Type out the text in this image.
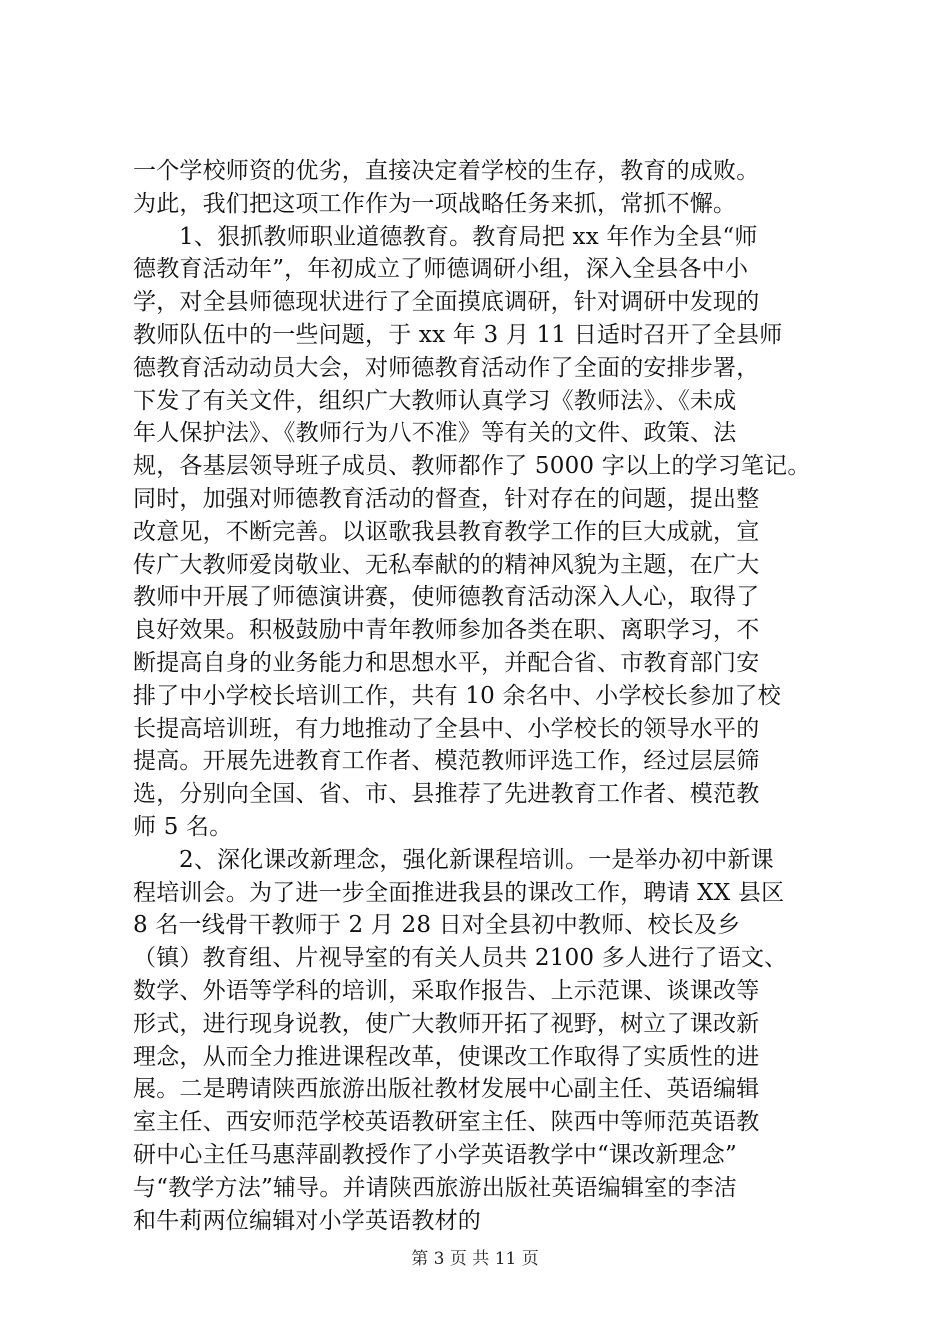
一个学校师资的优劣，直接决定着学校的生存，教育的成败。
为此，我们把这项工作作为一项战略任务来抓，常抓不懈。
1、狠抓教师职业道德教育。教育局把 xx 年作为全县“师
德教育活动年”，年初成立了师德调研小组，深入全县各中小
学，对全县师德现状进行了全面摸底调研，针对调研中发现的
教师队伍中的一些问题，于 xx 年 3 月 11 日适时召开了全县师
德教育活动动员大会，对师德教育活动作了全面的安排步署，
下发了有关文件，组织广大教师认真学习《教师法》、《未成
年人保护法》、《教师行为八不准》等有关的文件、政策、法
规，各基层领导班子成员、教师都作了 5000 字以上的学习笔记。
同时，加强对师德教育活动的督查，针对存在的问题，提出整
改意见，不断完善。以讴歌我县教育教学工作的巨大成就，宣
传广大教师爱岗敬业、无私奉献的的精神风貌为主题，在广大
教师中开展了师德演讲赛，使师德教育活动深入人心，取得了
良好效果。积极鼓励中青年教师参加各类在职、离职学习，不
断提高自身的业务能力和思想水平，并配合省、市教育部门安
排了中小学校长培训工作，共有 10 余名中、小学校长参加了校
长提高培训班，有力地推动了全县中、小学校长的领导水平的
提高。开展先进教育工作者、模范教师评选工作，经过层层筛
选，分别向全国、省、市、县推荐了先进教育工作者、模范教
师 5 名。
2、深化课改新理念，强化新课程培训。一是举办初中新课
程培训会。为了进一步全面推进我县的课改工作，聘请 XX 县区
8 名一线骨干教师于 2 月 28 日对全县初中教师、校长及乡
（镇）教育组、片视导室的有关人员共 2100 多人进行了语文、
数学、外语等学科的培训，采取作报告、上示范课、谈课改等
形式，进行现身说教，使广大教师开拓了视野，树立了课改新
理念，从而全力推进课程改革，使课改工作取得了实质性的进
展。二是聘请陕西旅游出版社教材发展中心副主任、英语编辑
室主任、西安师范学校英语教研室主任、陕西中等师范英语教
研中心主任马惠萍副教授作了小学英语教学中“课改新理念”
与“教学方法”辅导。并请陕西旅游出版社英语编辑室的李洁
和牛莉两位编辑对小学英语教材的
第 3 页 共 11 页
